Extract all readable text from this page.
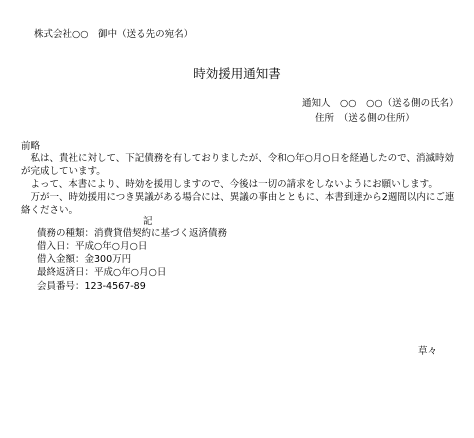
株式会社○○　御中（送る先の宛名）
時効援用通知書
通知人　○○　○○（送る側の氏名）
住所　（送る側の住所）
前略
私は、貴社に対して、下記債務を有しておりましたが、令和○年○月○日を経過したので、消滅時効が完成しています。
よって、本書により、時効を援用しますので、今後は一切の請求をしないようにお願いします。
万が一、時効援用につき異議がある場合には、異議の事由とともに、本書到達から2週間以内にご連絡ください。
記
債務の種類：消費貸借契約に基づく返済債務
借入日：平成○年○月○日
借入金額：金300万円
最終返済日：平成○年○月○日
会員番号：123-4567-89
草々
